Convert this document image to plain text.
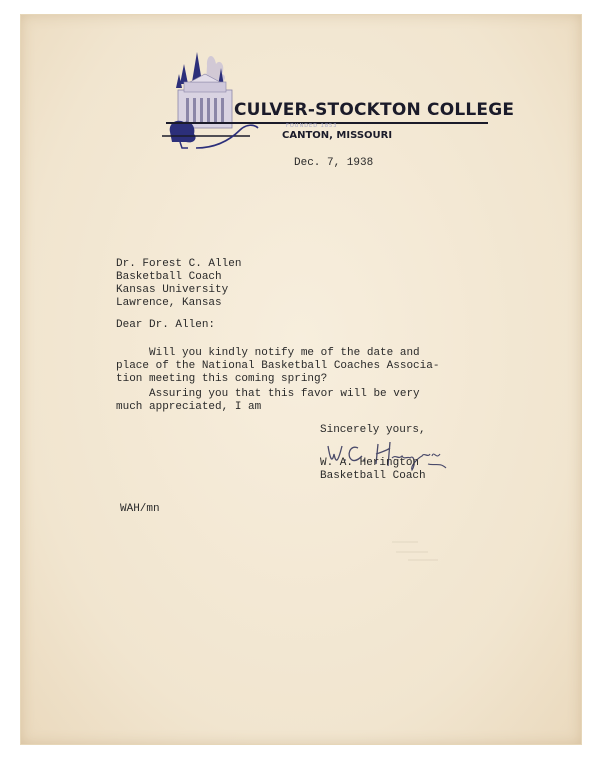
CULVER-STOCKTON COLLEGE
FOUNDED 1853
CANTON, MISSOURI
Dec. 7, 1938
Dr. Forest C. Allen
Basketball Coach
Kansas University
Lawrence, Kansas
Dear Dr. Allen:
Will you kindly notify me of the date and
place of the National Basketball Coaches Associa-
tion meeting this coming spring?
Assuring you that this favor will be very
much appreciated, I am
Sincerely yours,
W. A. Herington
Basketball Coach
WAH/mn
